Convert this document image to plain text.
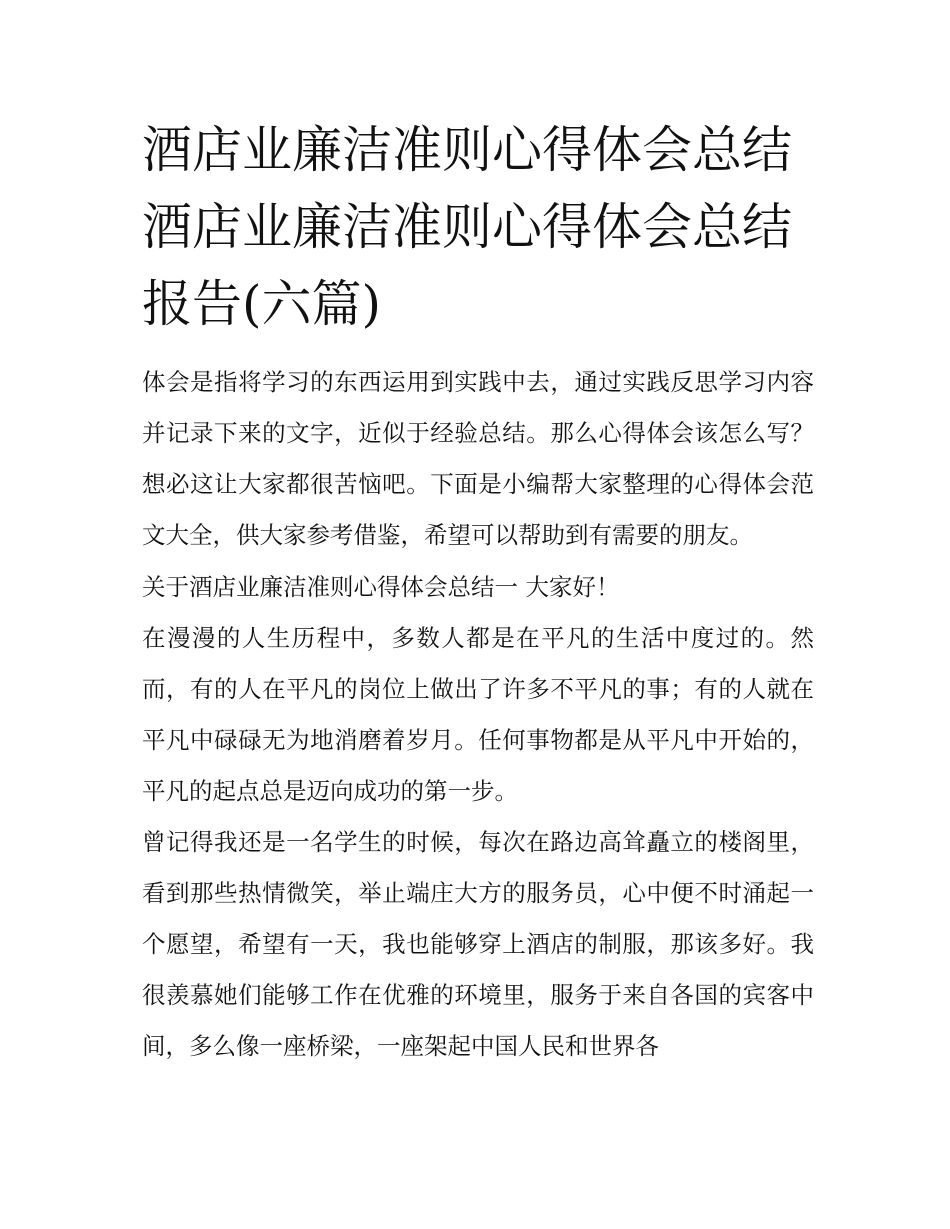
酒店业廉洁准则心得体会总结
酒店业廉洁准则心得体会总结
报告(六篇)

体会是指将学习的东西运用到实践中去，通过实践反思学习内容并记录下来的文字，近似于经验总结。那么心得体会该怎么写？想必这让大家都很苦恼吧。下面是小编帮大家整理的心得体会范文大全，供大家参考借鉴，希望可以帮助到有需要的朋友。

关于酒店业廉洁准则心得体会总结一 大家好！

在漫漫的人生历程中，多数人都是在平凡的生活中度过的。然而，有的人在平凡的岗位上做出了许多不平凡的事；有的人就在平凡中碌碌无为地消磨着岁月。任何事物都是从平凡中开始的，平凡的起点总是迈向成功的第一步。

曾记得我还是一名学生的时候，每次在路边高耸矗立的楼阁里，看到那些热情微笑，举止端庄大方的服务员，心中便不时涌起一个愿望，希望有一天，我也能够穿上酒店的制服，那该多好。我很羡慕她们能够工作在优雅的环境里，服务于来自各国的宾客中间，多么像一座桥梁，一座架起中国人民和世界各
